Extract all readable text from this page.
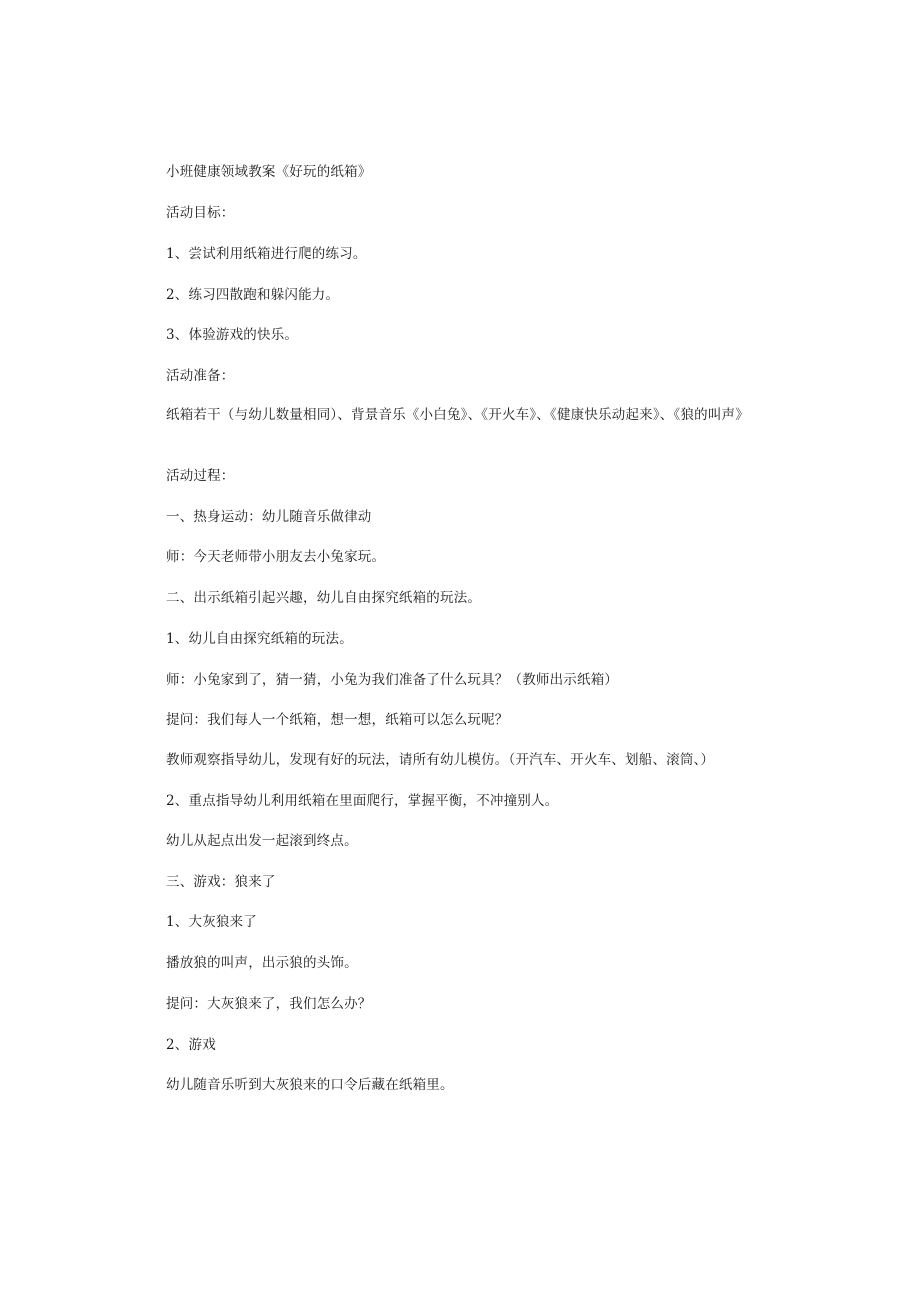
小班健康领域教案《好玩的纸箱》
活动目标：
1、尝试利用纸箱进行爬的练习。
2、练习四散跑和躲闪能力。
3、体验游戏的快乐。
活动准备：
纸箱若干（与幼儿数量相同）、背景音乐《小白兔》、《开火车》、《健康快乐动起来》、《狼的叫声》
活动过程：
一、热身运动：幼儿随音乐做律动
师：今天老师带小朋友去小兔家玩。
二、出示纸箱引起兴趣，幼儿自由探究纸箱的玩法。
1、幼儿自由探究纸箱的玩法。
师：小兔家到了，猜一猜，小兔为我们准备了什么玩具？（教师出示纸箱）
提问：我们每人一个纸箱，想一想，纸箱可以怎么玩呢？
教师观察指导幼儿，发现有好的玩法，请所有幼儿模仿。（开汽车、开火车、划船、滚筒、）
2、重点指导幼儿利用纸箱在里面爬行，掌握平衡，不冲撞别人。
幼儿从起点出发一起滚到终点。
三、游戏：狼来了
1、大灰狼来了
播放狼的叫声，出示狼的头饰。
提问：大灰狼来了，我们怎么办？
2、游戏
幼儿随音乐听到大灰狼来的口令后藏在纸箱里。
